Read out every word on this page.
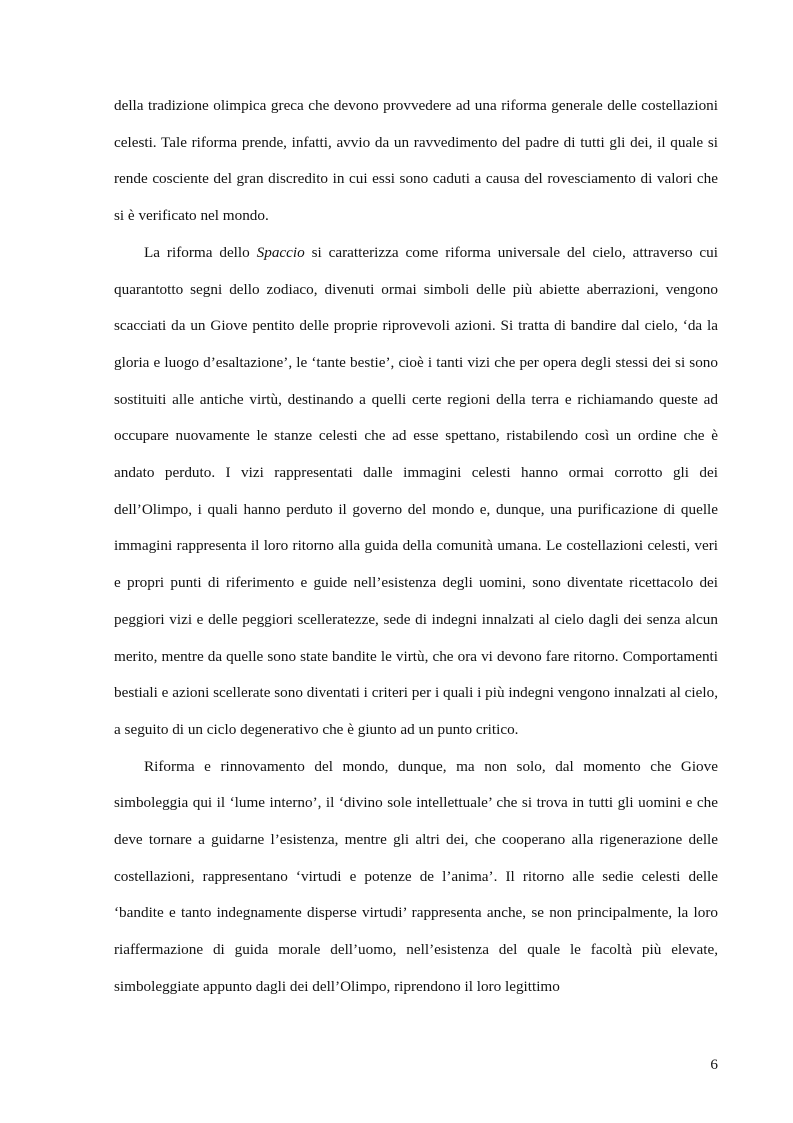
della tradizione olimpica greca che devono provvedere ad una riforma generale delle costellazioni celesti. Tale riforma prende, infatti, avvio da un ravvedimento del padre di tutti gli dei, il quale si rende cosciente del gran discredito in cui essi sono caduti a causa del rovesciamento di valori che si è verificato nel mondo.

La riforma dello Spaccio si caratterizza come riforma universale del cielo, attraverso cui quarantotto segni dello zodiaco, divenuti ormai simboli delle più abiette aberrazioni, vengono scacciati da un Giove pentito delle proprie riprovevoli azioni. Si tratta di bandire dal cielo, ‘da la gloria e luogo d’esaltazione’, le ‘tante bestie’, cioè i tanti vizi che per opera degli stessi dei si sono sostituiti alle antiche virtù, destinando a quelli certe regioni della terra e richiamando queste ad occupare nuovamente le stanze celesti che ad esse spettano, ristabilendo così un ordine che è andato perduto. I vizi rappresentati dalle immagini celesti hanno ormai corrotto gli dei dell’Olimpo, i quali hanno perduto il governo del mondo e, dunque, una purificazione di quelle immagini rappresenta il loro ritorno alla guida della comunità umana. Le costellazioni celesti, veri e propri punti di riferimento e guide nell’esistenza degli uomini, sono diventate ricettacolo dei peggiori vizi e delle peggiori scelleratezze, sede di indegni innalzati al cielo dagli dei senza alcun merito, mentre da quelle sono state bandite le virtù, che ora vi devono fare ritorno. Comportamenti bestiali e azioni scellerate sono diventati i criteri per i quali i più indegni vengono innalzati al cielo, a seguito di un ciclo degenerativo che è giunto ad un punto critico.

Riforma e rinnovamento del mondo, dunque, ma non solo, dal momento che Giove simboleggia qui il ‘lume interno’, il ‘divino sole intellettuale’ che si trova in tutti gli uomini e che deve tornare a guidarne l’esistenza, mentre gli altri dei, che cooperano alla rigenerazione delle costellazioni, rappresentano ‘virtudi e potenze de l’anima’. Il ritorno alle sedie celesti delle ‘bandite e tanto indegnamente disperse virtudi’ rappresenta anche, se non principalmente, la loro riaffermazione di guida morale dell’uomo, nell’esistenza del quale le facoltà più elevate, simboleggiate appunto dagli dei dell’Olimpo, riprendono il loro legittimo

6
